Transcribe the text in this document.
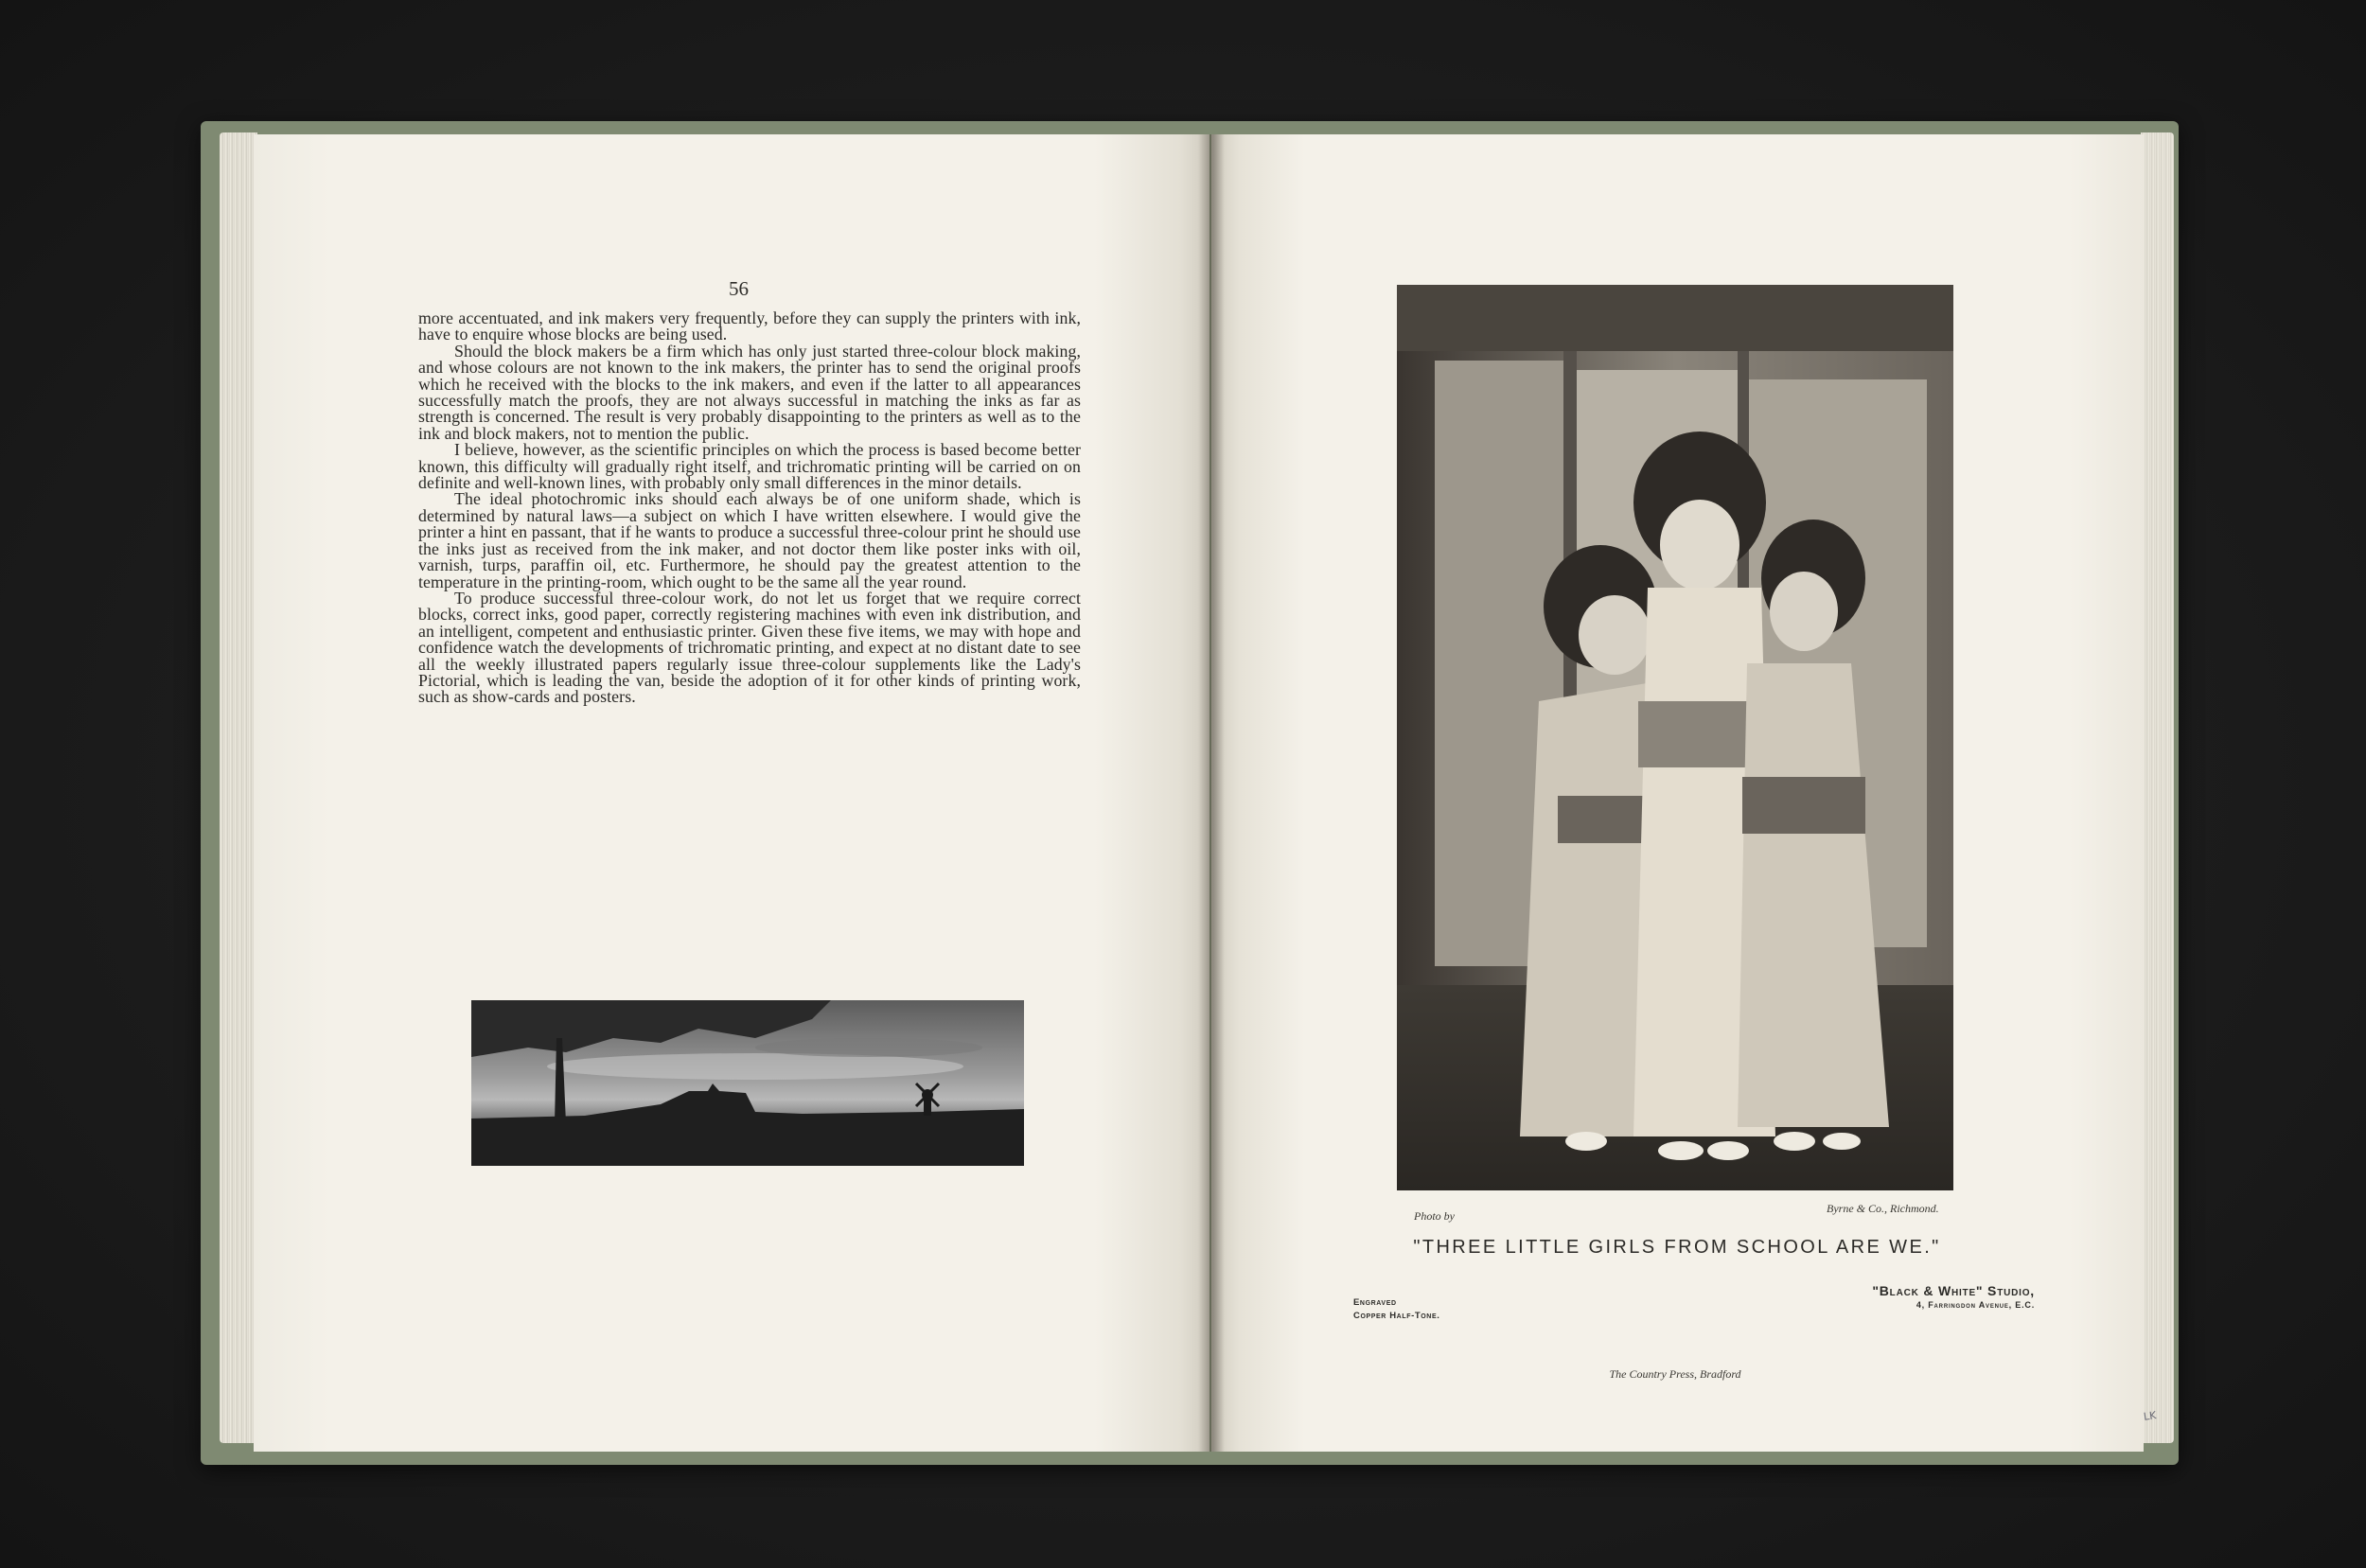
56

more accentuated, and ink makers very frequently, before they can supply the printers with ink, have to enquire whose blocks are being used.

Should the block makers be a firm which has only just started three-colour block making, and whose colours are not known to the ink makers, the printer has to send the original proofs which he received with the blocks to the ink makers, and even if the latter to all appearances successfully match the proofs, they are not always successful in matching the inks as far as strength is concerned. The result is very probably disappointing to the printers as well as to the ink and block makers, not to mention the public.

I believe, however, as the scientific principles on which the process is based become better known, this difficulty will gradually right itself, and trichromatic printing will be carried on on definite and well-known lines, with probably only small differences in the minor details.

The ideal photochromic inks should each always be of one uniform shade, which is determined by natural laws—a subject on which I have written elsewhere. I would give the printer a hint en passant, that if he wants to produce a successful three-colour print he should use the inks just as received from the ink maker, and not doctor them like poster inks with oil, varnish, turps, paraffin oil, etc. Furthermore, he should pay the greatest attention to the temperature in the printing-room, which ought to be the same all the year round.

To produce successful three-colour work, do not let us forget that we require correct blocks, correct inks, good paper, correctly registering machines with even ink distribution, and an intelligent, competent and enthusiastic printer. Given these five items, we may with hope and confidence watch the developments of trichromatic printing, and expect at no distant date to see all the weekly illustrated papers regularly issue three-colour supplements like the Lady's Pictorial, which is leading the van, beside the adoption of it for other kinds of printing work, such as show-cards and posters.

Photo by
Byrne & Co., Richmond.
"THREE LITTLE GIRLS FROM SCHOOL ARE WE."
Engraved
Copper Half-Tone.
"Black & White" Studio,
4, Farringdon Avenue, E.C.
The Country Press, Bradford
LK
